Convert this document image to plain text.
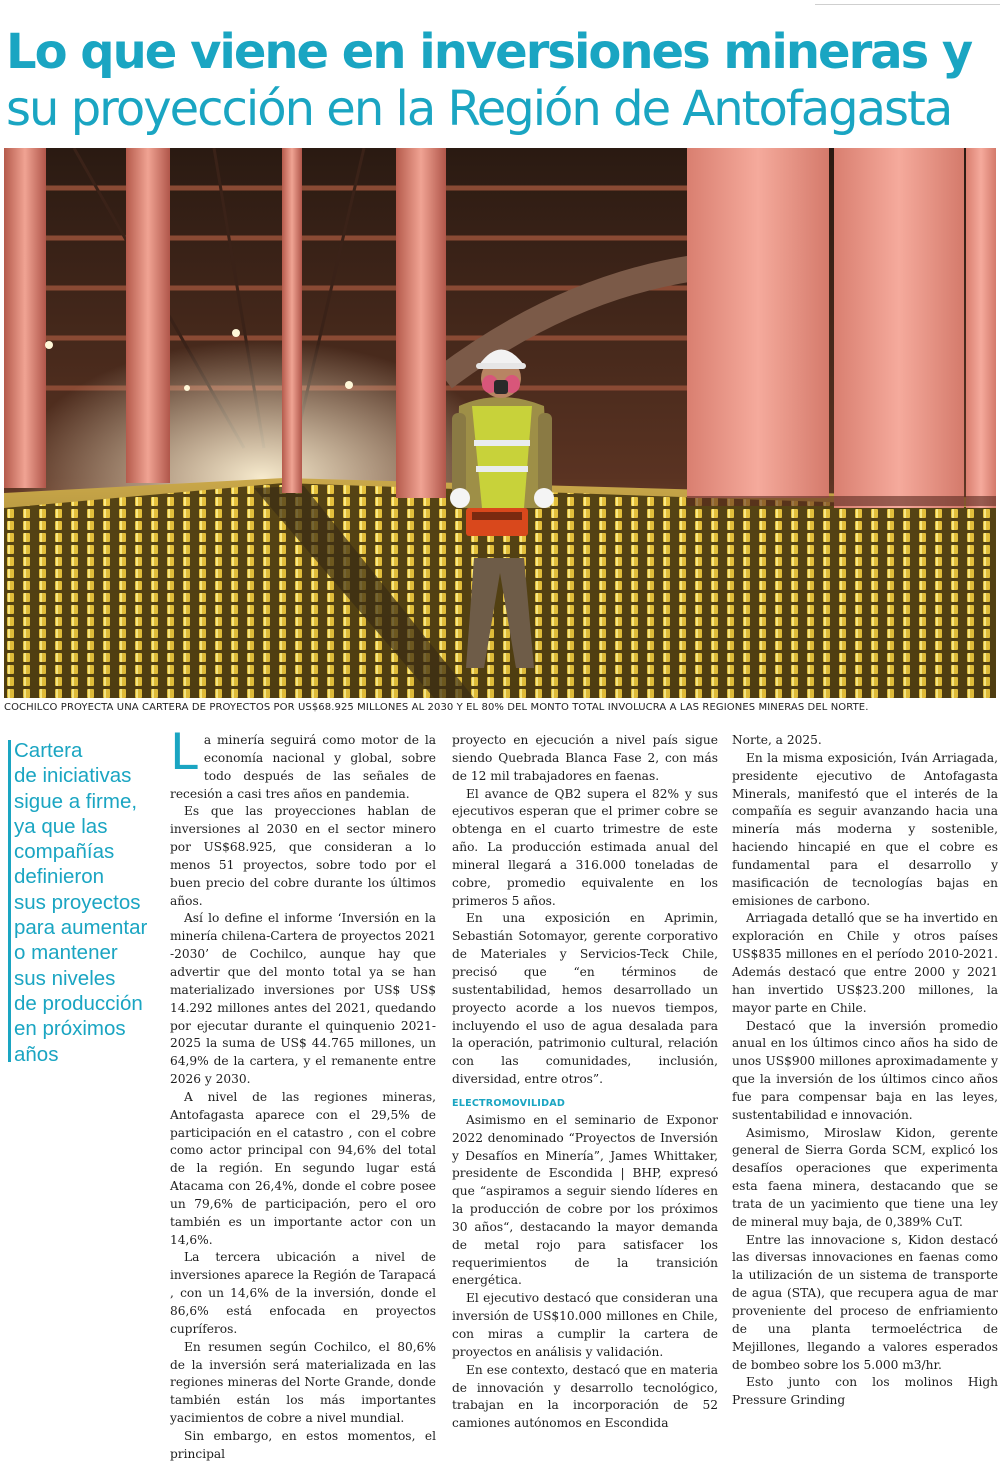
Lo que viene en inversiones mineras y
su proyección en la Región de Antofagasta
COCHILCO PROYECTA UNA CARTERA DE PROYECTOS POR US$68.925 MILLONES AL 2030 Y EL 80% DEL MONTO TOTAL INVOLUCRA A LAS REGIONES MINERAS DEL NORTE.
Cartera
de iniciativas
sigue a firme,
ya que las
compañías
definieron
sus proyectos
para aumentar
o mantener
sus niveles
de producción
en próximos
años

La minería seguirá como motor de la economía nacional y global, sobre todo después de las señales de recesión a casi tres años en pandemia.

Es que las proyecciones hablan de inversiones al 2030 en el sector minero por US$68.925, que consideran a lo menos 51 proyectos, sobre todo por el buen precio del cobre durante los últimos años.

Así lo define el informe ‘Inversión en la minería chilena-Cartera de proyectos 2021 -2030’ de Cochilco, aunque hay que advertir que del monto total ya se han materializado inversiones por US$ US$ 14.292 millones antes del 2021, quedando por ejecutar durante el quinquenio 2021-2025 la suma de US$ 44.765 millones, un 64,9% de la cartera, y el remanente entre 2026 y 2030.

A nivel de las regiones mineras, Antofagasta aparece con el 29,5% de participación en el catastro , con el cobre como actor principal con 94,6% del total de la región. En segundo lugar está Atacama con 26,4%, donde el cobre posee un 79,6% de participación, pero el oro también es un importante actor con un 14,6%.

La tercera ubicación a nivel de inversiones aparece la Región de Tarapacá , con un 14,6% de la inversión, donde el 86,6% está enfocada en proyectos cupríferos.

En resumen según Cochilco, el 80,6% de la inversión será materializada en las regiones mineras del Norte Grande, donde también están los más importantes yacimientos de cobre a nivel mundial.

Sin embargo, en estos momentos, el principal

proyecto en ejecución a nivel país sigue siendo Quebrada Blanca Fase 2, con más de 12 mil trabajadores en faenas.

El avance de QB2 supera el 82% y sus ejecutivos esperan que el primer cobre se obtenga en el cuarto trimestre de este año. La producción estimada anual del mineral llegará a 316.000 toneladas de cobre, promedio equivalente en los primeros 5 años.

En una exposición en Aprimin, Sebastián Sotomayor, gerente corporativo de Materiales y Servicios-Teck Chile, precisó que “en términos de sustentabilidad, hemos desarrollado un proyecto acorde a los nuevos tiempos, incluyendo el uso de agua desalada para la operación, patrimonio cultural, relación con las comunidades, inclusión, diversidad, entre otros”.

ELECTROMOVILIDAD

Asimismo en el seminario de Exponor 2022 denominado “Proyectos de Inversión y Desafíos en Minería”, James Whittaker, presidente de Escondida | BHP, expresó que “aspiramos a seguir siendo líderes en la producción de cobre por los próximos 30 años“, destacando la mayor demanda de metal rojo para satisfacer los requerimientos de la transición energética.

El ejecutivo destacó que consideran una inversión de US$10.000 millones en Chile, con miras a cumplir la cartera de proyectos en análisis y validación.

En ese contexto, destacó que en materia de innovación y desarrollo tecnológico, trabajan en la incorporación de 52 camiones autónomos en Escondida

Norte, a 2025.

En la misma exposición, Iván Arriagada, presidente ejecutivo de Antofagasta Minerals, manifestó que el interés de la compañía es seguir avanzando hacia una minería más moderna y sostenible, haciendo hincapié en que el cobre es fundamental para el desarrollo y masificación de tecnologías bajas en emisiones de carbono.

Arriagada detalló que se ha invertido en exploración en Chile y otros países US$835 millones en el período 2010-2021. Además destacó que entre 2000 y 2021 han invertido US$23.200 millones, la mayor parte en Chile.

Destacó que la inversión promedio anual en los últimos cinco años ha sido de unos US$900 millones aproximadamente y que la inversión de los últimos cinco años fue para compensar baja en las leyes, sustentabilidad e innovación.

Asimismo, Miroslaw Kidon, gerente general de Sierra Gorda SCM, explicó los desafíos operaciones que experimenta esta faena minera, destacando que se trata de un yacimiento que tiene una ley de mineral muy baja, de 0,389% CuT.

Entre las innovacione s, Kidon destacó las diversas innovaciones en faenas como la utilización de un sistema de transporte de agua (STA), que recupera agua de mar proveniente del proceso de enfriamiento de una planta termoeléctrica de Mejillones, llegando a valores esperados de bombeo sobre los 5.000 m3/hr.

Esto junto con los molinos High Pressure Grinding
